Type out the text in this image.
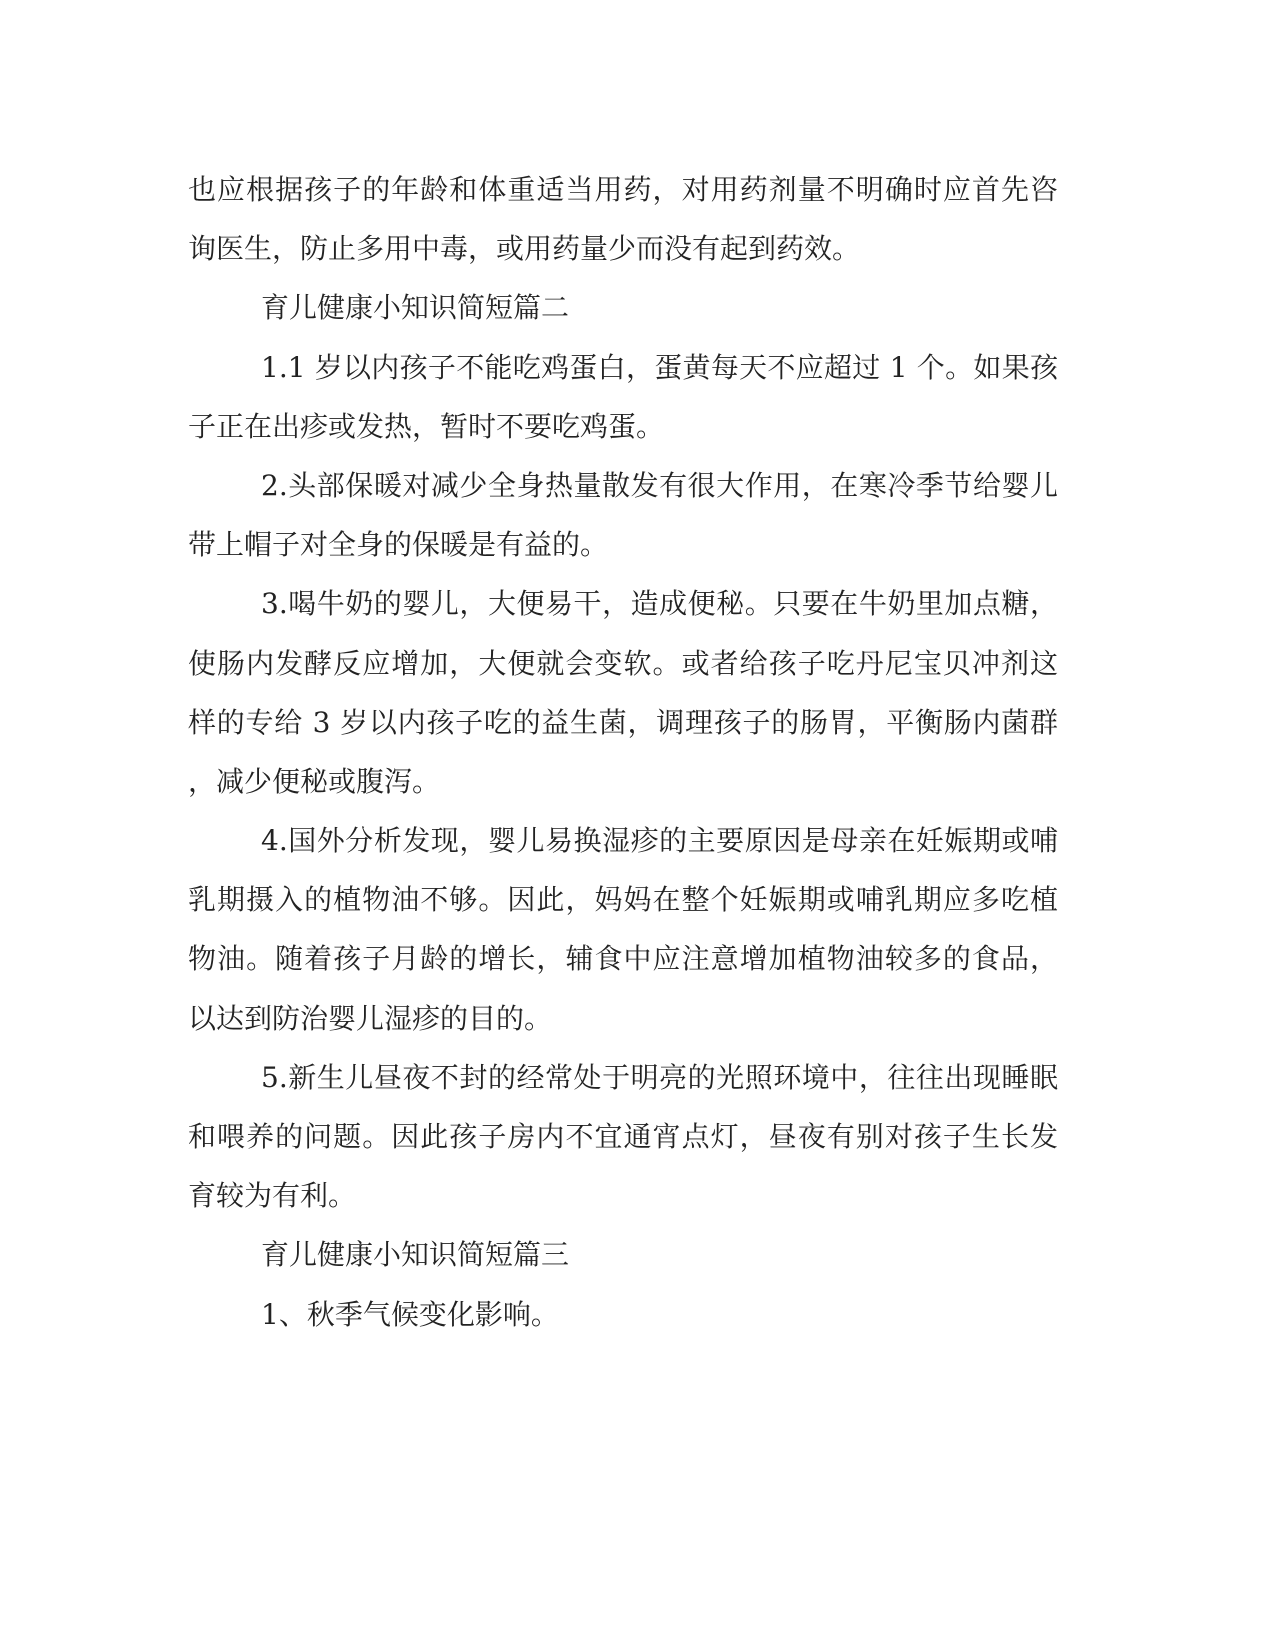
也应根据孩子的年龄和体重适当用药，对用药剂量不明确时应首先咨
询医生，防止多用中毒，或用药量少而没有起到药效。
育儿健康小知识简短篇二
1.1 岁以内孩子不能吃鸡蛋白，蛋黄每天不应超过 1 个。如果孩
子正在出疹或发热，暂时不要吃鸡蛋。
2.头部保暖对减少全身热量散发有很大作用，在寒冷季节给婴儿
带上帽子对全身的保暖是有益的。
3.喝牛奶的婴儿，大便易干，造成便秘。只要在牛奶里加点糖，
使肠内发酵反应增加，大便就会变软。或者给孩子吃丹尼宝贝冲剂这
样的专给 3 岁以内孩子吃的益生菌，调理孩子的肠胃，平衡肠内菌群
，减少便秘或腹泻。
4.国外分析发现，婴儿易换湿疹的主要原因是母亲在妊娠期或哺
乳期摄入的植物油不够。因此，妈妈在整个妊娠期或哺乳期应多吃植
物油。随着孩子月龄的增长，辅食中应注意增加植物油较多的食品，
以达到防治婴儿湿疹的目的。
5.新生儿昼夜不封的经常处于明亮的光照环境中，往往出现睡眠
和喂养的问题。因此孩子房内不宜通宵点灯，昼夜有别对孩子生长发
育较为有利。
育儿健康小知识简短篇三
1、秋季气候变化影响。
